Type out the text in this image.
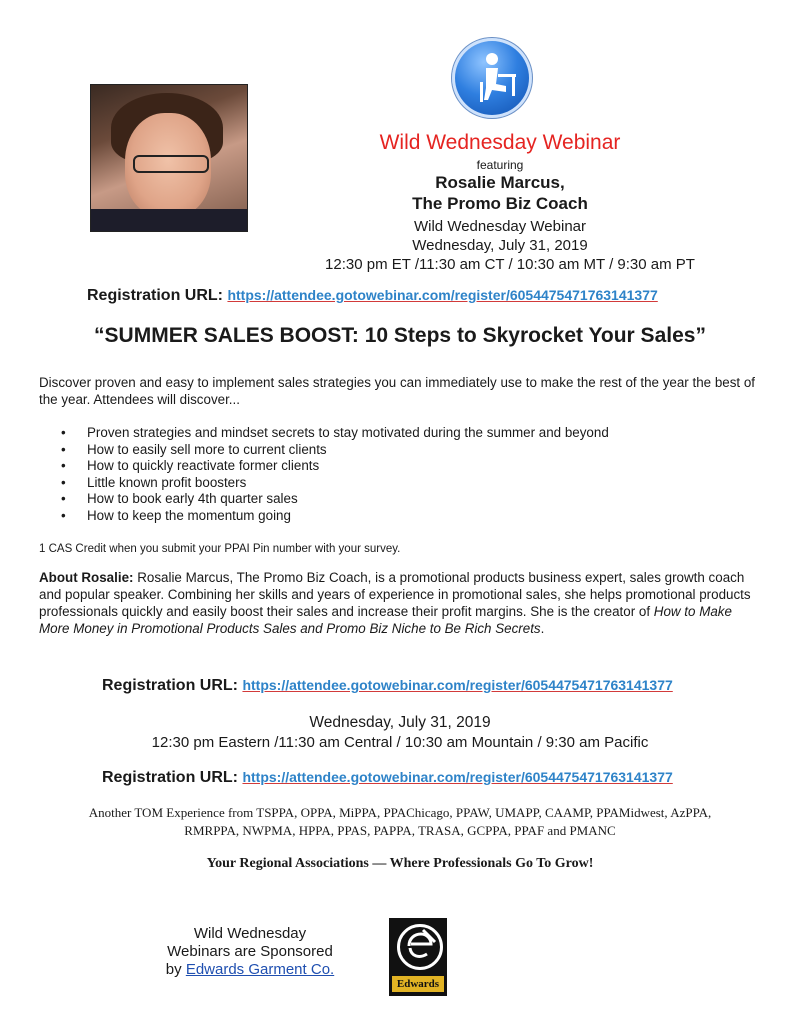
Wild Wednesday Webinar
featuring
Rosalie Marcus,
The Promo Biz Coach
Wild Wednesday Webinar
Wednesday, July 31, 2019
12:30 pm ET /11:30 am CT / 10:30 am MT / 9:30 am PT
Registration URL: https://attendee.gotowebinar.com/register/6054475471763141377
“SUMMER SALES BOOST: 10 Steps to Skyrocket Your Sales”
Discover proven and easy to implement sales strategies you can immediately use to make the rest of the year the best of the year. Attendees will discover...
• Proven strategies and mindset secrets to stay motivated during the summer and beyond
• How to easily sell more to current clients
• How to quickly reactivate former clients
• Little known profit boosters
• How to book early 4th quarter sales
• How to keep the momentum going
1 CAS Credit when you submit your PPAI Pin number with your survey.
About Rosalie: Rosalie Marcus, The Promo Biz Coach, is a promotional products business expert, sales growth coach and popular speaker. Combining her skills and years of experience in promotional sales, she helps promotional products professionals quickly and easily boost their sales and increase their profit margins. She is the creator of How to Make More Money in Promotional Products Sales and Promo Biz Niche to Be Rich Secrets.
Registration URL: https://attendee.gotowebinar.com/register/6054475471763141377
Wednesday, July 31, 2019
12:30 pm Eastern /11:30 am Central / 10:30 am Mountain / 9:30 am Pacific
Registration URL: https://attendee.gotowebinar.com/register/6054475471763141377
Another TOM Experience from TSPPA, OPPA, MiPPA, PPAChicago, PPAW, UMAPP, CAAMP, PPAMidwest, AzPPA, RMRPPA, NWPMA, HPPA, PPAS, PAPPA, TRASA, GCPPA, PPAF and PMANC
Your Regional Associations — Where Professionals Go To Grow!
Wild Wednesday
Webinars are Sponsored
by Edwards Garment Co.
Edwards
